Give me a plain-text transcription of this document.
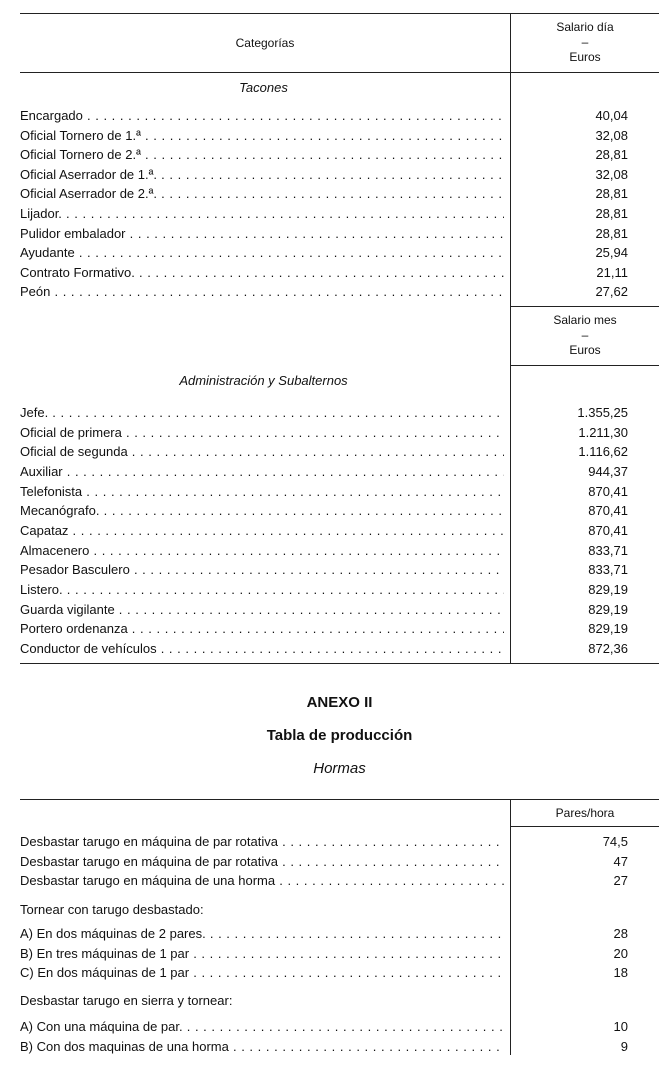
Categorías
Salario día
–
Euros
Tacones
Encargado . . .	40,04
Oficial Tornero de 1.ª . . .	32,08
Oficial Tornero de 2.ª . . .	28,81
Oficial Aserrador de 1.ª. . . .	32,08
Oficial Aserrador de 2.ª. . . .	28,81
Lijador. . . .	28,81
Pulidor embalador . . .	28,81
Ayudante . . .	25,94
Contrato Formativo. . . .	21,11
Peón . . .	27,62
Salario mes
–
Euros
Administración y Subalternos
Jefe. . . .	1.355,25
Oficial de primera . . .	1.211,30
Oficial de segunda . . .	1.116,62
Auxiliar . . .	944,37
Telefonista . . .	870,41
Mecanógrafo. . . .	870,41
Capataz . . .	870,41
Almacenero . . .	833,71
Pesador Basculero . . .	833,71
Listero. . . .	829,19
Guarda vigilante . . .	829,19
Portero ordenanza . . .	829,19
Conductor de vehículos . . .	872,36
ANEXO II
Tabla de producción
Hormas
Pares/hora
Desbastar tarugo en máquina de par rotativa . . .	74,5
Desbastar tarugo en máquina de par rotativa . . .	47
Desbastar tarugo en máquina de una horma . . .	27
Tornear con tarugo desbastado:
A) En dos máquinas de 2 pares. . . .	28
B) En tres máquinas de 1 par . . .	20
C) En dos máquinas de 1 par . . .	18
Desbastar tarugo en sierra y tornear:
A) Con una máquina de par. . . .	10
B) Con dos maquinas de una horma . . .	9
